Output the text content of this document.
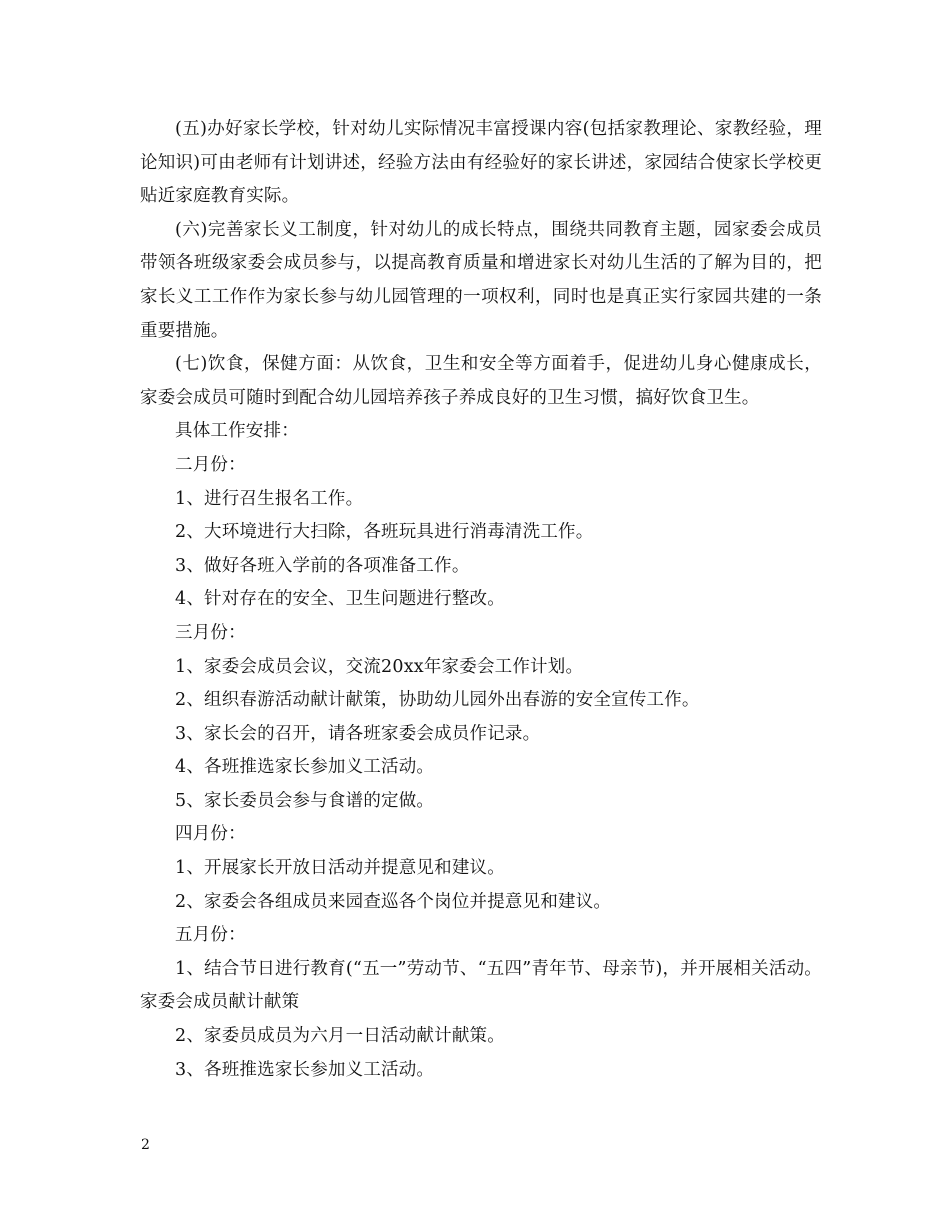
(五)办好家长学校，针对幼儿实际情况丰富授课内容(包括家教理论、家教经验，理论知识)可由老师有计划讲述，经验方法由有经验好的家长讲述，家园结合使家长学校更贴近家庭教育实际。

(六)完善家长义工制度，针对幼儿的成长特点，围绕共同教育主题，园家委会成员带领各班级家委会成员参与，以提高教育质量和增进家长对幼儿生活的了解为目的，把家长义工工作作为家长参与幼儿园管理的一项权利，同时也是真正实行家园共建的一条重要措施。

(七)饮食，保健方面：从饮食，卫生和安全等方面着手，促进幼儿身心健康成长，家委会成员可随时到配合幼儿园培养孩子养成良好的卫生习惯，搞好饮食卫生。

具体工作安排：

二月份：

1、进行召生报名工作。

2、大环境进行大扫除，各班玩具进行消毒清洗工作。

3、做好各班入学前的各项准备工作。

4、针对存在的安全、卫生问题进行整改。

三月份：

1、家委会成员会议，交流20xx年家委会工作计划。

2、组织春游活动献计献策，协助幼儿园外出春游的安全宣传工作。

3、家长会的召开，请各班家委会成员作记录。

4、各班推选家长参加义工活动。

5、家长委员会参与食谱的定做。

四月份：

1、开展家长开放日活动并提意见和建议。

2、家委会各组成员来园查巡各个岗位并提意见和建议。

五月份：

1、结合节日进行教育(“五一”劳动节、“五四”青年节、母亲节)，并开展相关活动。家委会成员献计献策

2、家委员成员为六月一日活动献计献策。

3、各班推选家长参加义工活动。

2
